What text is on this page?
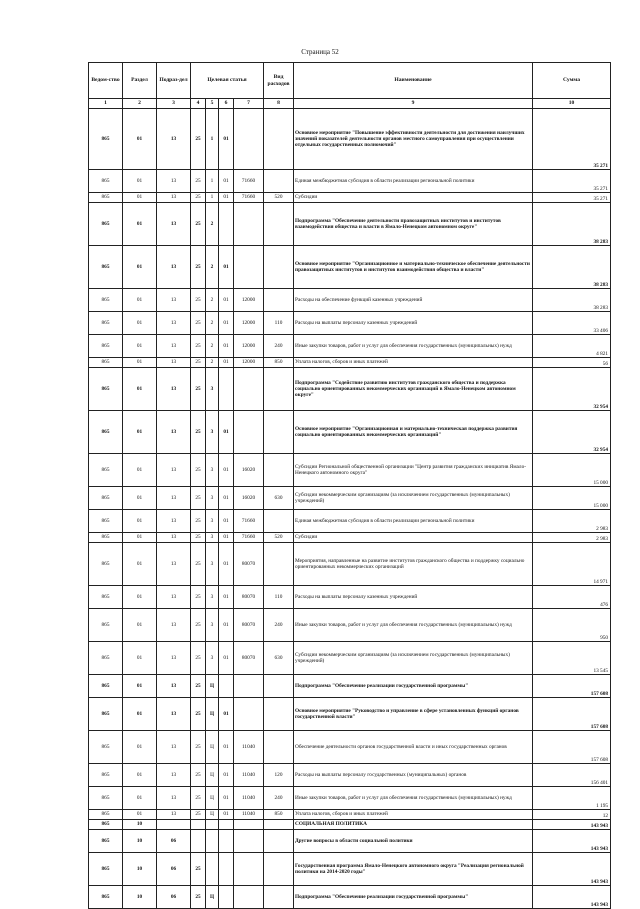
Страница 52
Ведом-ство	Раздел	Подраз-дел	Целевая статья				Вид расходов	Наименование	Сумма
1	2	3	4	5	6	7	8	9	10
865	01	13	25	1	01			Основное мероприятие "Повышение эффективности деятельности для достижения наилучших значений показателей деятельности органов местного самоуправления при осуществлении отдельных государственных полномочий"	35 271
865	01	13	25	1	01	71660		Единая межбюджетная субсидия в области реализации региональной политики	35 271
865	01	13	25	1	01	71660	520	Субсидии	35 271
865	01	13	25	2				Подпрограмма "Обеспечение деятельности правозащитных институтов и институтов взаимодействия общества и власти в Ямало-Ненецком автономном округе"	38 283
865	01	13	25	2	01			Основное мероприятие "Организационное и материально-техническое обеспечение деятельности правозащитных институтов и институтов взаимодействия общества и власти"	38 283
865	01	13	25	2	01	12000		Расходы на обеспечение функций казенных учреждений	38 283
865	01	13	25	2	01	12000	110	Расходы на выплаты персоналу казенных учреждений	33 406
865	01	13	25	2	01	12000	240	Иные закупки товаров, работ и услуг для обеспечения государственных (муниципальных) нужд	4 821
865	01	13	25	2	01	12000	850	Уплата налогов, сборов и иных платежей	56
865	01	13	25	3				Подпрограмма "Содействие развитию институтов гражданского общества и поддержка социально ориентированных некоммерческих организаций в Ямало-Ненецком автономном округе"	32 954
865	01	13	25	3	01			Основное мероприятие "Организационная и материально-техническая поддержка развития социально ориентированных некоммерческих организаций"	32 954
865	01	13	25	3	01	16020		Субсидии Региональной общественной организации "Центр развития гражданских инициатив Ямало-Ненецкого автономного округа"	15 000
865	01	13	25	3	01	16020	630	Субсидии некоммерческим организациям (за исключением государственных (муниципальных) учреждений)	15 000
865	01	13	25	3	01	71660		Единая межбюджетная субсидия в области реализации региональной политики	2 983
865	01	13	25	3	01	71660	520	Субсидии	2 983
865	01	13	25	3	01	80070		Мероприятия, направленные на развитие институтов гражданского общества и поддержку социально ориентированных некоммерческих организаций	14 971
865	01	13	25	3	01	80070	110	Расходы на выплаты персоналу казенных учреждений	476
865	01	13	25	3	01	80070	240	Иные закупки товаров, работ и услуг для обеспечения государственных (муниципальных) нужд	950
865	01	13	25	3	01	80070	630	Субсидии некоммерческим организациям (за исключением государственных (муниципальных) учреждений)	13 545
865	01	13	25	Ц				Подпрограмма "Обеспечение реализации государственной программы"	157 608
865	01	13	25	Ц	01			Основное мероприятие "Руководство и управление в сфере установленных функций органов государственной власти"	157 608
865	01	13	25	Ц	01	11040		Обеспечение деятельности органов государственной власти и иных государственных органов	157 608
865	01	13	25	Ц	01	11040	120	Расходы на выплаты персоналу государственных (муниципальных) органов	156 401
865	01	13	25	Ц	01	11040	240	Иные закупки товаров, работ и услуг для обеспечения государственных (муниципальных) нужд	1 195
865	01	13	25	Ц	01	11040	850	Уплата налогов, сборов и иных платежей	12
865	10							СОЦИАЛЬНАЯ ПОЛИТИКА	143 943
865	10	06						Другие вопросы в области социальной политики	143 943
865	10	06	25					Государственная программа Ямало-Ненецкого автономного округа "Реализация региональной политики на 2014-2020 годы"	143 943
865	10	06	25	Ц				Подпрограмма "Обеспечение реализации государственной программы"	143 943
